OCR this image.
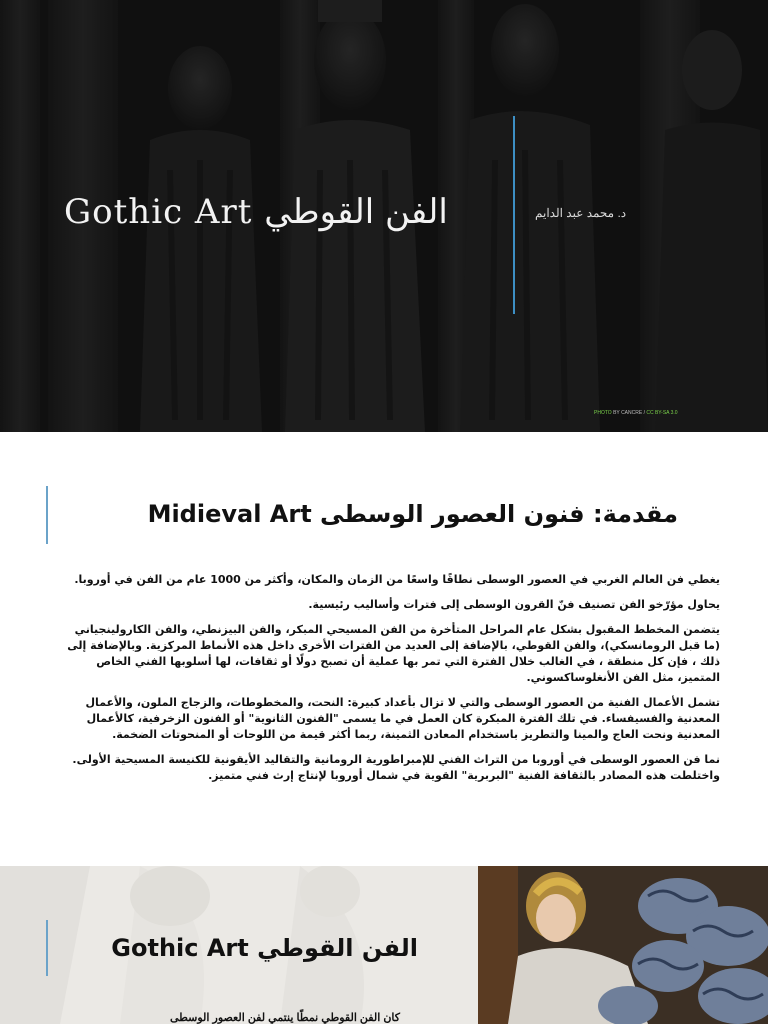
Gothic Art الفن القوطي	د. محمد عبد الدايم
PHOTO BY CANCRE / CC BY-SA 3.0
مقدمة: فنون العصور الوسطى Midieval Art

يغطي فن العالم الغربي في العصور الوسطى نطاقًا واسعًا من الزمان والمكان، وأكثر من 1000 عام من الفن في أوروبا.

يحاول مؤرّخو الفن تصنيف فنّ القرون الوسطى إلى فترات وأساليب رئيسية.

يتضمن المخطط المقبول بشكل عام المراحل المتأخرة من الفن المسيحي المبكر، والفن البيزنطي، والفن الكارولينجياني (ما قبل الرومانسكي)، والفن القوطي، بالإضافة إلى العديد من الفترات الأخرى داخل هذه الأنماط المركزية. وبالإضافة إلى ذلك ، فإن كل منطقة ، في الغالب خلال الفترة التي تمر بها عملية أن تصبح دولًا أو ثقافات، لها أسلوبها الفني الخاص المتميز، مثل الفن الأنغلوساكسوني.

تشمل الأعمال الفنية من العصور الوسطى والتي لا تزال بأعداد كبيرة: النحت، والمخطوطات، والزجاج الملون، والأعمال المعدنية والفسيفساء. في تلك الفترة المبكرة كان العمل في ما يسمى "الفنون الثانوية" أو الفنون الزخرفية، كالأعمال المعدنية ونحت العاج والمينا والتطريز باستخدام المعادن الثمينة، ربما أكثر قيمة من اللوحات أو المنحوتات الضخمة.

نما فن العصور الوسطى في أوروبا من التراث الفني للإمبراطورية الرومانية والتقاليد الأيقونية للكنيسة المسيحية الأولى. واختلطت هذه المصادر بالثقافة الفنية "البربرية" القوية في شمال أوروبا لإنتاج إرث فني متميز.

الفن القوطي Gothic Art
كان الفن القوطي نمطًا ينتمي لفن العصور الوسطى
